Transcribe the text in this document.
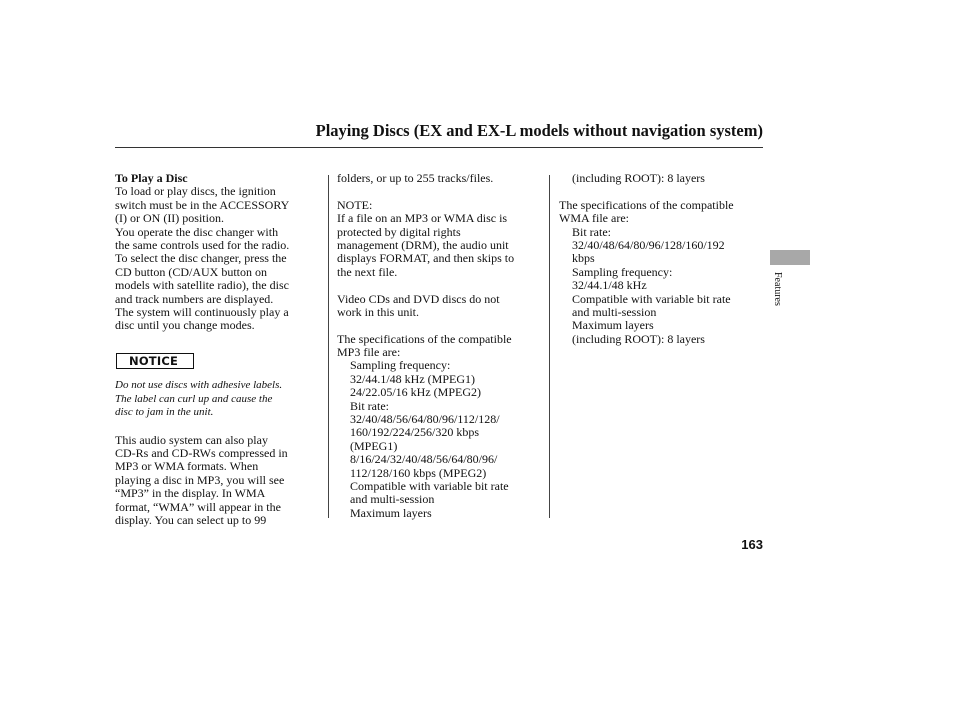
Playing Discs (EX and EX-L models without navigation system)
To Play a Disc
To load or play discs, the ignition
switch must be in the ACCESSORY
(I) or ON (II) position.
You operate the disc changer with
the same controls used for the radio.
To select the disc changer, press the
CD button (CD/AUX button on
models with satellite radio), the disc
and track numbers are displayed.
The system will continuously play a
disc until you change modes.
NOTICE
Do not use discs with adhesive labels.
The label can curl up and cause the
disc to jam in the unit.
This audio system can also play
CD-Rs and CD-RWs compressed in
MP3 or WMA formats. When
playing a disc in MP3, you will see
“MP3” in the display. In WMA
format, “WMA” will appear in the
display. You can select up to 99
folders, or up to 255 tracks/files.
NOTE:
If a file on an MP3 or WMA disc is
protected by digital rights
management (DRM), the audio unit
displays FORMAT, and then skips to
the next file.
Video CDs and DVD discs do not
work in this unit.
The specifications of the compatible
MP3 file are:
Sampling frequency:
32/44.1/48 kHz (MPEG1)
24/22.05/16 kHz (MPEG2)
Bit rate:
32/40/48/56/64/80/96/112/128/
160/192/224/256/320 kbps
(MPEG1)
8/16/24/32/40/48/56/64/80/96/
112/128/160 kbps (MPEG2)
Compatible with variable bit rate
and multi-session
Maximum layers
(including ROOT): 8 layers
The specifications of the compatible
WMA file are:
Bit rate:
32/40/48/64/80/96/128/160/192
kbps
Sampling frequency:
32/44.1/48 kHz
Compatible with variable bit rate
and multi-session
Maximum layers
(including ROOT): 8 layers
Features
163
